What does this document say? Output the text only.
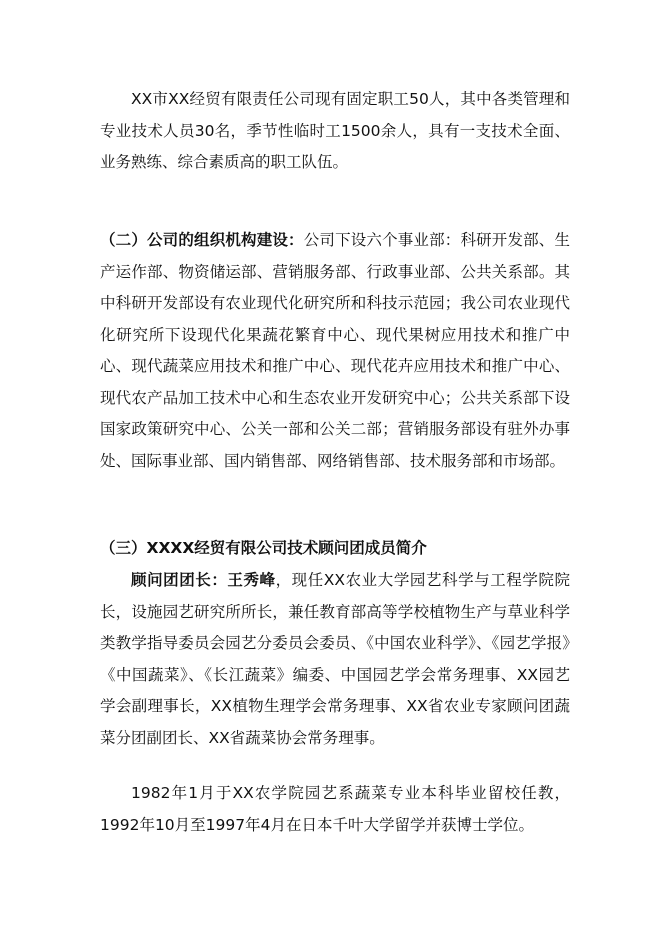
XX市XX经贸有限责任公司现有固定职工50人，其中各类管理和专业技术人员30名，季节性临时工1500余人，具有一支技术全面、业务熟练、综合素质高的职工队伍。

（二）公司的组织机构建设：公司下设六个事业部：科研开发部、生产运作部、物资储运部、营销服务部、行政事业部、公共关系部。其中科研开发部设有农业现代化研究所和科技示范园；我公司农业现代化研究所下设现代化果蔬花繁育中心、现代果树应用技术和推广中心、现代蔬菜应用技术和推广中心、现代花卉应用技术和推广中心、现代农产品加工技术中心和生态农业开发研究中心；公共关系部下设国家政策研究中心、公关一部和公关二部；营销服务部设有驻外办事处、国际事业部、国内销售部、网络销售部、技术服务部和市场部。

（三）XXXX经贸有限公司技术顾问团成员简介

顾问团团长：王秀峰，现任XX农业大学园艺科学与工程学院院长，设施园艺研究所所长，兼任教育部高等学校植物生产与草业科学类教学指导委员会园艺分委员会委员、《中国农业科学》、《园艺学报》《中国蔬菜》、《长江蔬菜》编委、中国园艺学会常务理事、XX园艺学会副理事长，XX植物生理学会常务理事、XX省农业专家顾问团蔬菜分团副团长、XX省蔬菜协会常务理事。

1982年1月于XX农学院园艺系蔬菜专业本科毕业留校任教，1992年10月至1997年4月在日本千叶大学留学并获博士学位。
